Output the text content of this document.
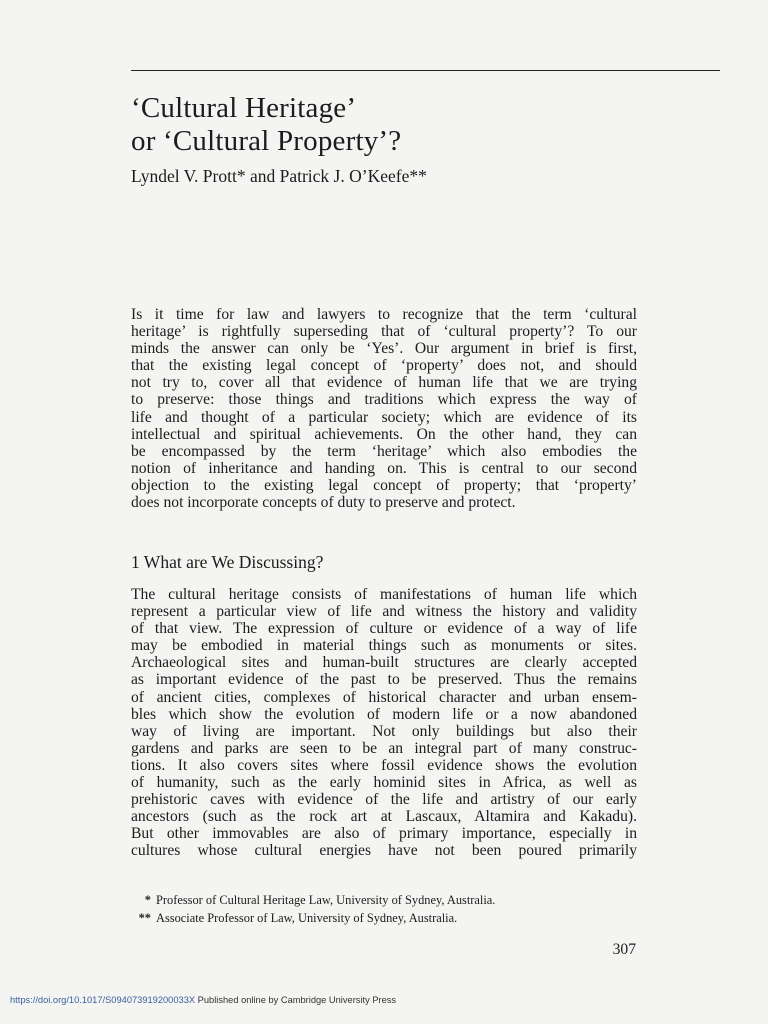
‘Cultural Heritage’
or ‘Cultural Property’?

Lyndel V. Prott* and Patrick J. O’Keefe**

Is it time for law and lawyers to recognize that the term ‘cultural
heritage’ is rightfully superseding that of ‘cultural property’? To our
minds the answer can only be ‘Yes’. Our argument in brief is first,
that the existing legal concept of ‘property’ does not, and should
not try to, cover all that evidence of human life that we are trying
to preserve: those things and traditions which express the way of
life and thought of a particular society; which are evidence of its
intellectual and spiritual achievements. On the other hand, they can
be encompassed by the term ‘heritage’ which also embodies the
notion of inheritance and handing on. This is central to our second
objection to the existing legal concept of property; that ‘property’
does not incorporate concepts of duty to preserve and protect.
1 What are We Discussing?
The cultural heritage consists of manifestations of human life which
represent a particular view of life and witness the history and validity
of that view. The expression of culture or evidence of a way of life
may be embodied in material things such as monuments or sites.
Archaeological sites and human-built structures are clearly accepted
as important evidence of the past to be preserved. Thus the remains
of ancient cities, complexes of historical character and urban ensem-
bles which show the evolution of modern life or a now abandoned
way of living are important. Not only buildings but also their
gardens and parks are seen to be an integral part of many construc-
tions. It also covers sites where fossil evidence shows the evolution
of humanity, such as the early hominid sites in Africa, as well as
prehistoric caves with evidence of the life and artistry of our early
ancestors (such as the rock art at Lascaux, Altamira and Kakadu).
But other immovables are also of primary importance, especially in
cultures whose cultural energies have not been poured primarily
* Professor of Cultural Heritage Law, University of Sydney, Australia.
** Associate Professor of Law, University of Sydney, Australia.
307
https://doi.org/10.1017/S094073919200033X Published online by Cambridge University Press
